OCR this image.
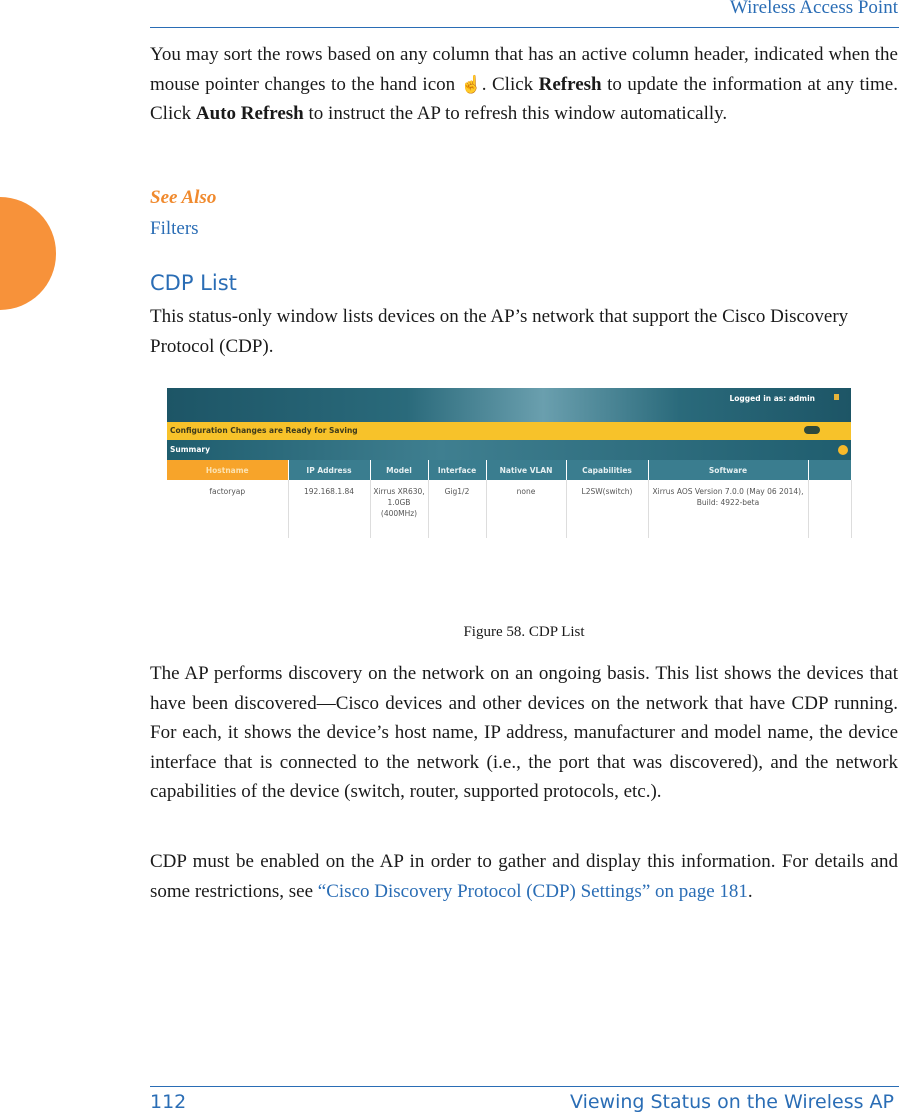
Wireless Access Point
You may sort the rows based on any column that has an active column header, indicated when the mouse pointer changes to the hand icon ☝. Click Refresh to update the information at any time. Click Auto Refresh to instruct the AP to refresh this window automatically.
See Also
Filters
CDP List
This status-only window lists devices on the AP’s network that support the Cisco Discovery Protocol (CDP).
Logged in as: admin
Configuration Changes are Ready for Saving
Summary
Hostname	IP Address	Model	Interface	Native VLAN	Capabilities	Software	
factoryap	192.168.1.84	Xirrus XR630, 1.0GB (400MHz)	Gig1/2	none	L2SW(switch)	Xirrus AOS Version 7.0.0 (May 06 2014), Build: 4922-beta	
Figure 58. CDP List
The AP performs discovery on the network on an ongoing basis. This list shows the devices that have been discovered—Cisco devices and other devices on the network that have CDP running. For each, it shows the device’s host name, IP address, manufacturer and model name, the device interface that is connected to the network (i.e., the port that was discovered), and the network capabilities of the device (switch, router, supported protocols, etc.).
CDP must be enabled on the AP in order to gather and display this information. For details and some restrictions, see “Cisco Discovery Protocol (CDP) Settings” on page 181.
112	Viewing Status on the Wireless AP
